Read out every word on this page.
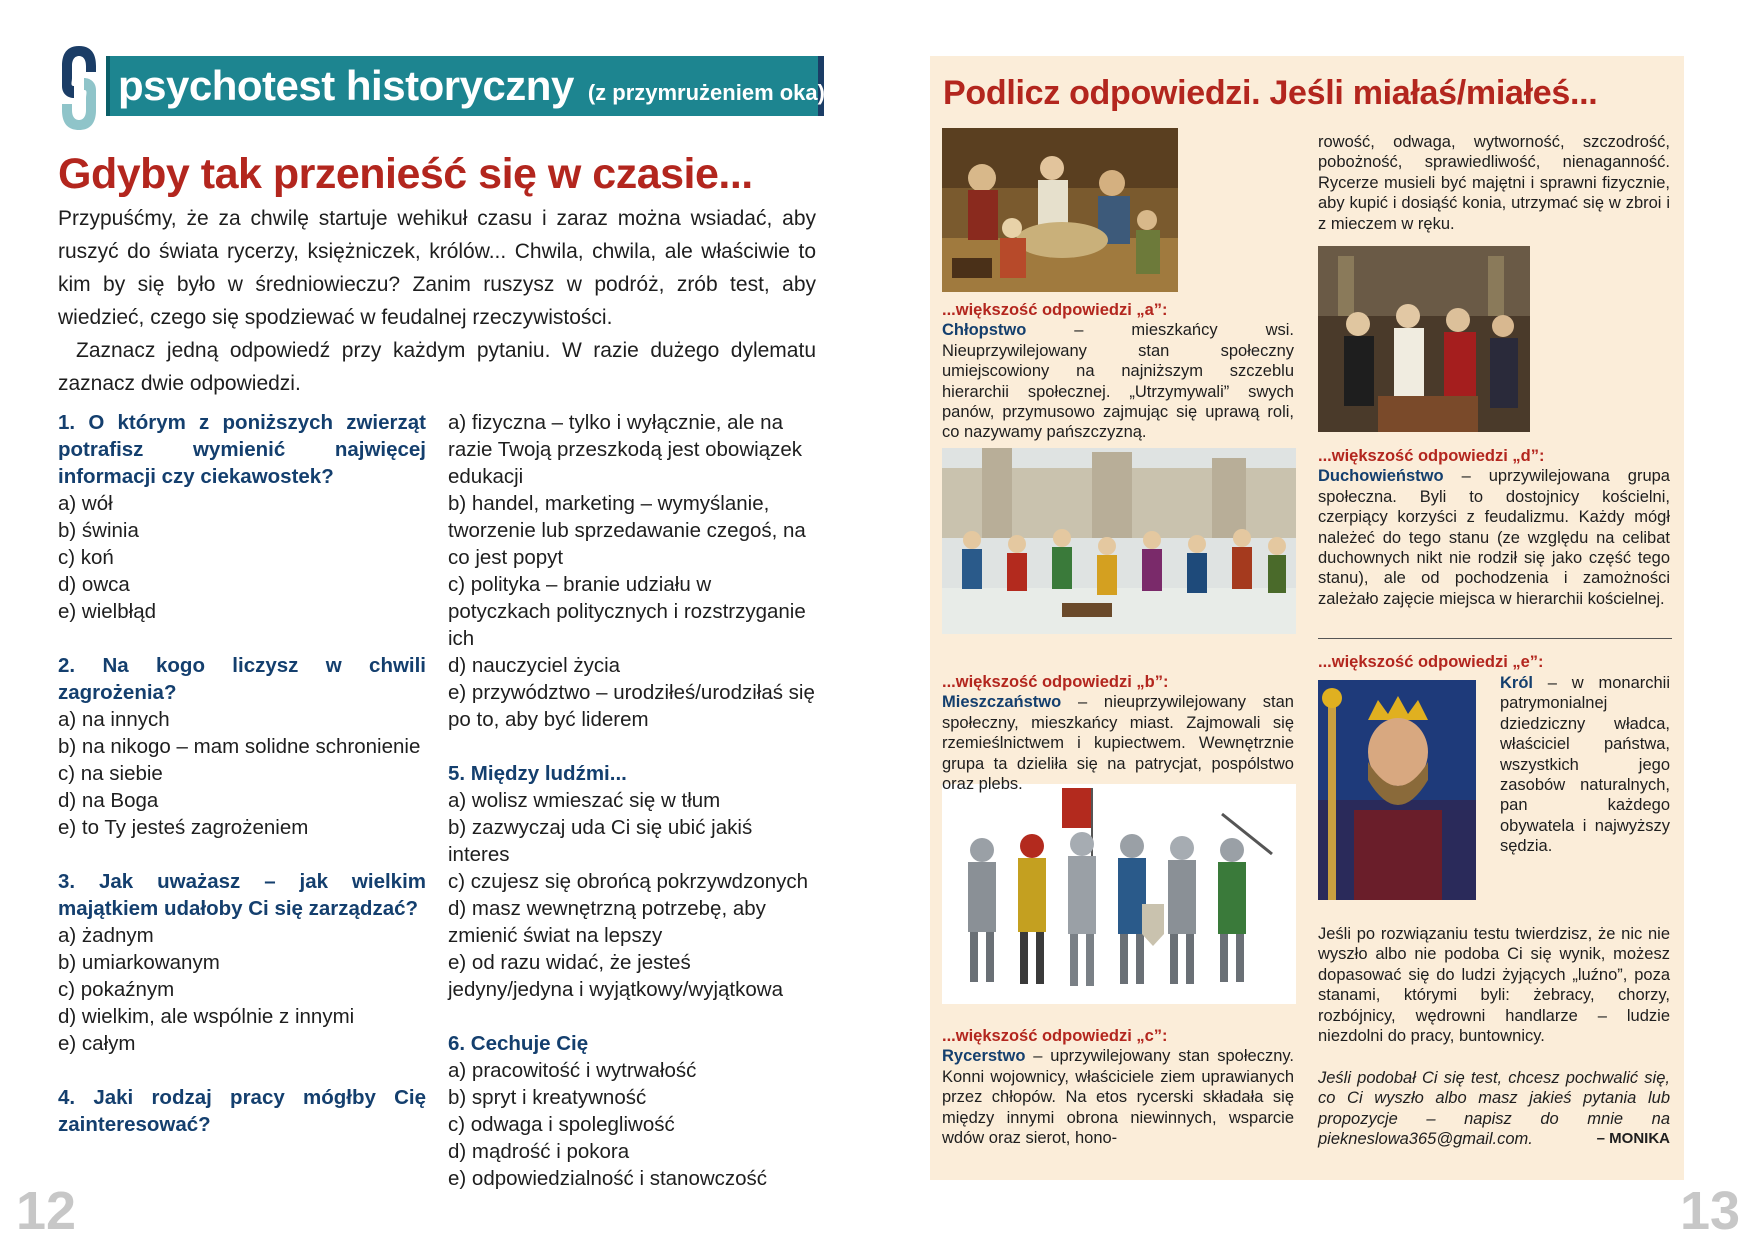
psychotest historyczny (z przymrużeniem oka)
Gdyby tak przenieść się w czasie...

Przypuśćmy, że za chwilę startuje wehikuł czasu i zaraz można wsiadać, aby ruszyć do świata rycerzy, księżniczek, królów... Chwila, chwila, ale właściwie to kim by się było w średniowieczu? Zanim ruszysz w podróż, zrób test, aby wiedzieć, czego się spodziewać w feudalnej rzeczywistości.

Zaznacz jedną odpowiedź przy każdym pytaniu. W razie dużego dylematu zaznacz dwie odpowiedzi.

1. O którym z poniższych zwierząt potrafisz wymienić najwięcej informacji czy ciekawostek?
a) wół
b) świnia
c) koń
d) owca
e) wielbłąd
2. Na kogo liczysz w chwili zagrożenia?
a) na innych
b) na nikogo – mam solidne schronienie
c) na siebie
d) na Boga
e) to Ty jesteś zagrożeniem
3. Jak uważasz – jak wielkim majątkiem udałoby Ci się zarządzać?
a) żadnym
b) umiarkowanym
c) pokaźnym
d) wielkim, ale wspólnie z innymi
e) całym
4. Jaki rodzaj pracy mógłby Cię zainteresować?
a) fizyczna – tylko i wyłącznie, ale na razie Twoją przeszkodą jest obowiązek edukacji
b) handel, marketing – wymyślanie, tworzenie lub sprzedawanie czegoś, na co jest popyt
c) polityka – branie udziału w potyczkach politycznych i rozstrzyganie ich
d) nauczyciel życia
e) przywództwo – urodziłeś/urodziłaś się po to, aby być liderem
5. Między ludźmi...
a) wolisz wmieszać się w tłum
b) zazwyczaj uda Ci się ubić jakiś interes
c) czujesz się obrońcą pokrzywdzonych
d) masz wewnętrzną potrzebę, aby zmienić świat na lepszy
e) od razu widać, że jesteś jedyny/jedyna i wyjątkowy/wyjątkowa
6. Cechuje Cię
a) pracowitość i wytrwałość
b) spryt i kreatywność
c) odwaga i spolegliwość
d) mądrość i pokora
e) odpowiedzialność i stanowczość
12
Podlicz odpowiedzi. Jeśli miałaś/miałeś...
rowość, odwaga, wytworność, szczodrość, pobożność, sprawiedliwość, nienaganność. Rycerze musieli być majętni i sprawni fizycznie, aby kupić i dosiąść konia, utrzymać się w zbroi i z mieczem w ręku.
...większość odpowiedzi „a”:
Chłopstwo – mieszkańcy wsi. Nieuprzywilejowany stan społeczny umiejscowiony na najniższym szczeblu hierarchii społecznej. „Utrzymywali” swych panów, przymusowo zajmując się uprawą roli, co nazywamy pańszczyzną.
...większość odpowiedzi „d”:
Duchowieństwo – uprzywilejowana grupa społeczna. Byli to dostojnicy kościelni, czerpiący korzyści z feudalizmu. Każdy mógł należeć do tego stanu (ze względu na celibat duchownych nikt nie rodził się jako część tego stanu), ale od pochodzenia i zamożności zależało zajęcie miejsca w hierarchii kościelnej.
...większość odpowiedzi „e”:
Król – w monarchii patrymonialnej dziedziczny władca, właściciel państwa, wszystkich jego zasobów naturalnych, pan każdego obywatela i najwyższy sędzia.
...większość odpowiedzi „b”:
Mieszczaństwo – nieuprzywilejowany stan społeczny, mieszkańcy miast. Zajmowali się rzemieślnictwem i kupiectwem. Wewnętrznie grupa ta dzieliła się na patrycjat, pospólstwo oraz plebs.
...większość odpowiedzi „c”:
Rycerstwo – uprzywilejowany stan społeczny. Konni wojownicy, właściciele ziem uprawianych przez chłopów. Na etos rycerski składała się między innymi obrona niewinnych, wsparcie wdów oraz sierot, hono-
Jeśli po rozwiązaniu testu twierdzisz, że nic nie wyszło albo nie podoba Ci się wynik, możesz dopasować się do ludzi żyjących „luźno”, poza stanami, którymi byli: żebracy, chorzy, rozbójnicy, wędrowni handlarze – ludzie niezdolni do pracy, buntownicy.
Jeśli podobał Ci się test, chcesz pochwalić się, co Ci wyszło albo masz jakieś pytania lub propozycje – napisz do mnie na piekneslowa365@gmail.com.	– MONIKA
13
